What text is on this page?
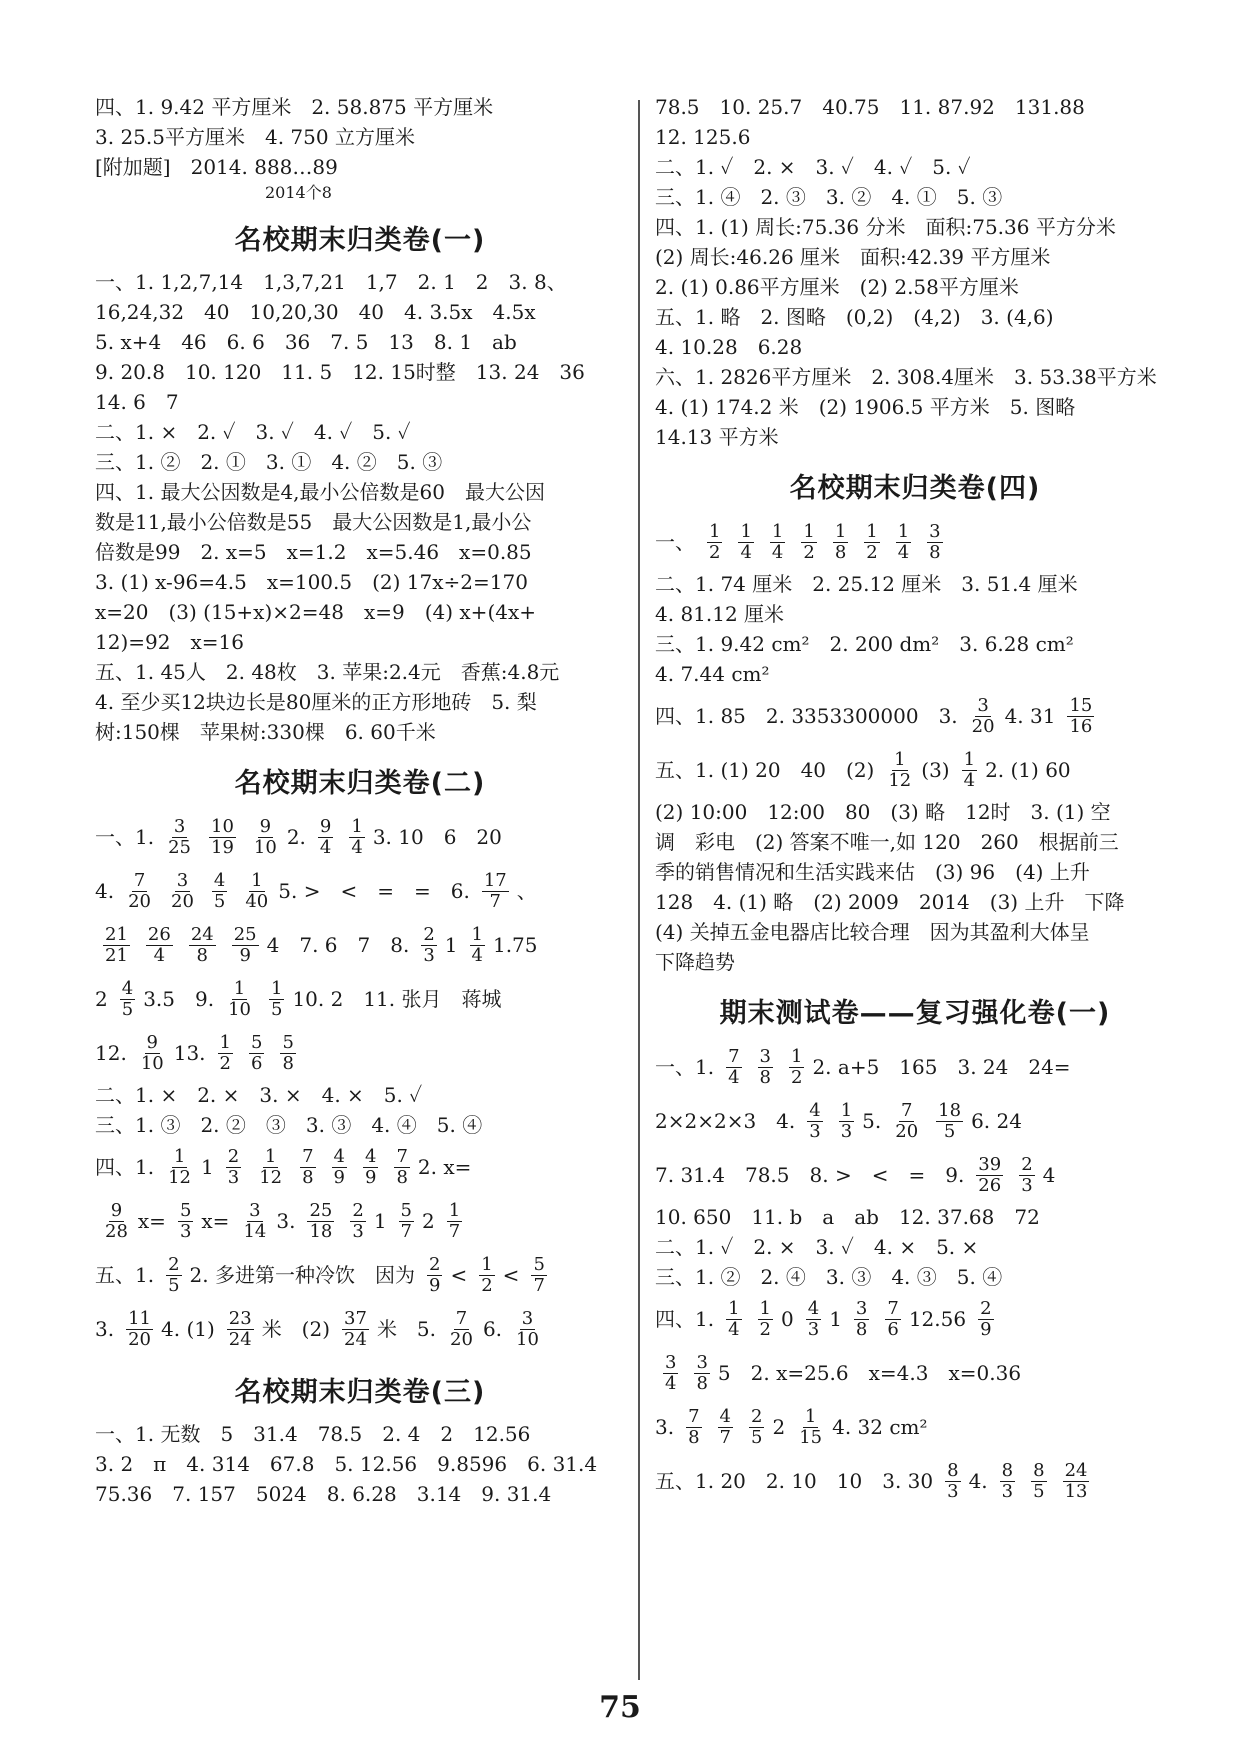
四、1. 9.42 平方厘米　2. 58.875 平方厘米
3. 25.5平方厘米　4. 750 立方厘米
[附加题]　2014. 888…89
2014个8
名校期末归类卷(一)
一、1. 1,2,7,14　1,3,7,21　1,7　2. 1　2　3. 8、
16,24,32　40　10,20,30　40　4. 3.5x　4.5x
5. x+4　46　6. 6　36　7. 5　13　8. 1　ab
9. 20.8　10. 120　11. 5　12. 15时整　13. 24　36
14. 6　7
二、1. ×　2. ✓　3. ✓　4. ✓　5. ✓
三、1. ②　2. ①　3. ①　4. ②　5. ③
四、1. 最大公因数是4,最小公倍数是60　最大公因
数是11,最小公倍数是55　最大公因数是1,最小公
倍数是99　2. x=5　x=1.2　x=5.46　x=0.85
3. (1) x-96=4.5　x=100.5　(2) 17x÷2=170
x=20　(3) (15+x)×2=48　x=9　(4) x+(4x+
12)=92　x=16
五、1. 45人　2. 48枚　3. 苹果:2.4元　香蕉:4.8元
4. 至少买12块边长是80厘米的正方形地砖　5. 梨
树:150棵　苹果树:330棵　6. 60千米
名校期末归类卷(二)
一、1. $\frac{3}{25} \frac{10}{19} \frac{9}{10} 2$. $\frac{9}{4} \frac{1}{4} 3$. 10　6　20
4. $\frac{7}{20} \frac{3}{20} \frac{4}{5} \frac{1}{40} 5$. >　<　=　=　6. $\frac{17}{7}$ 、
$\frac{21}{21} \frac{26}{4} \frac{24}{8} \frac{25}{9} 4$　7. 6　7　8. $\frac{2}{3} 1 \frac{1}{4} 1.75$
$2 \frac{4}{5} 3.5$　9. $\frac{1}{10} \frac{1}{5} 10$. 2　11. 张月　蒋城
12. $\frac{9}{10} 13$. $\frac{1}{2} \frac{5}{6} \frac{5}{8}$
二、1. ×　2. ×　3. ×　4. ×　5. ✓
三、1. ③　2. ②　③　3. ③　4. ④　5. ④
四、1. $\frac{1}{12} 1 \frac{2}{3} \frac{1}{12} \frac{7}{8} \frac{4}{9} \frac{4}{9} \frac{7}{8} 2$. x=
$\frac{9}{28} x= \frac{5}{3} x= \frac{3}{14} 3$. $\frac{25}{18} \frac{2}{3} 1 \frac{5}{7} 2 \frac{1}{7}$
五、1. $\frac{2}{5} 2$. 多进第一种冷饮　因为 $\frac{2}{9} < \frac{1}{2} < \frac{5}{7}$
3. $\frac{11}{20} 4$. $(1) \frac{23}{24}$ 米　$(2) \frac{37}{24}$ 米　5. $\frac{7}{20} 6$. $\frac{3}{10}$
名校期末归类卷(三)
一、1. 无数　5　31.4　78.5　2. 4　2　12.56
3. 2　π　4. 314　67.8　5. 12.56　9.8596　6. 31.4
75.36　7. 157　5024　8. 6.28　3.14　9. 31.4
78.5　10. 25.7　40.75　11. 87.92　131.88
12. 125.6
二、1. ✓　2. ×　3. ✓　4. ✓　5. ✓
三、1. ④　2. ③　3. ②　4. ①　5. ③
四、1. (1) 周长:75.36 分米　面积:75.36 平方分米
(2) 周长:46.26 厘米　面积:42.39 平方厘米
2. (1) 0.86平方厘米　(2) 2.58平方厘米
五、1. 略　2. 图略　(0,2)　(4,2)　3. (4,6)
4. 10.28　6.28
六、1. 2826平方厘米　2. 308.4厘米　3. 53.38平方米
4. (1) 174.2 米　(2) 1906.5 平方米　5. 图略
14.13 平方米
名校期末归类卷(四)
一、 $\frac{1}{2} \frac{1}{4} \frac{1}{4} \frac{1}{2} \frac{1}{8} \frac{1}{2} \frac{1}{4} \frac{3}{8}$
二、1. 74 厘米　2. 25.12 厘米　3. 51.4 厘米
4. 81.12 厘米
三、1. 9.42 cm²　2. 200 dm²　3. 6.28 cm²
4. 7.44 cm²
四、1. 85　2. 3353300000　3. $\frac{3}{20} 4$. $31 \frac{15}{16}$
五、1. (1) 20　40　$(2) \frac{1}{12} (3) \frac{1}{4} 2$. (1) 60
(2) 10:00　12:00　80　(3) 略　12时　3. (1) 空
调　彩电　(2) 答案不唯一,如 120　260　根据前三
季的销售情况和生活实践来估　(3) 96　(4) 上升
128　4. (1) 略　(2) 2009　2014　(3) 上升　下降
(4) 关掉五金电器店比较合理　因为其盈利大体呈
下降趋势
期末测试卷——复习强化卷(一)
一、1. $\frac{7}{4} \frac{3}{8} \frac{1}{2} 2$. a+5　165　3. 24　24=
2×2×2×3　4. $\frac{4}{3} \frac{1}{3} 5$. $\frac{7}{20} \frac{18}{5} 6$. 24
7. 31.4　78.5　8. >　<　=　9. $\frac{39}{26} \frac{2}{3} 4$
10. 650　11. b　a　ab　12. 37.68　72
二、1. ✓　2. ×　3. ✓　4. ×　5. ×
三、1. ②　2. ④　3. ③　4. ③　5. ④
四、1. $\frac{1}{4} \frac{1}{2} 0 \frac{4}{3} 1 \frac{3}{8} \frac{7}{6} 12.56 \frac{2}{9}$
$\frac{3}{4} \frac{3}{8} 5$　2. x=25.6　x=4.3　x=0.36
3. $\frac{7}{8} \frac{4}{7} \frac{2}{5} 2 \frac{1}{15} 4$. 32 cm²
五、1. 20　2. 10　10　3. $30 \frac{8}{3} 4$. $\frac{8}{3} \frac{8}{5} \frac{24}{13}$
75
